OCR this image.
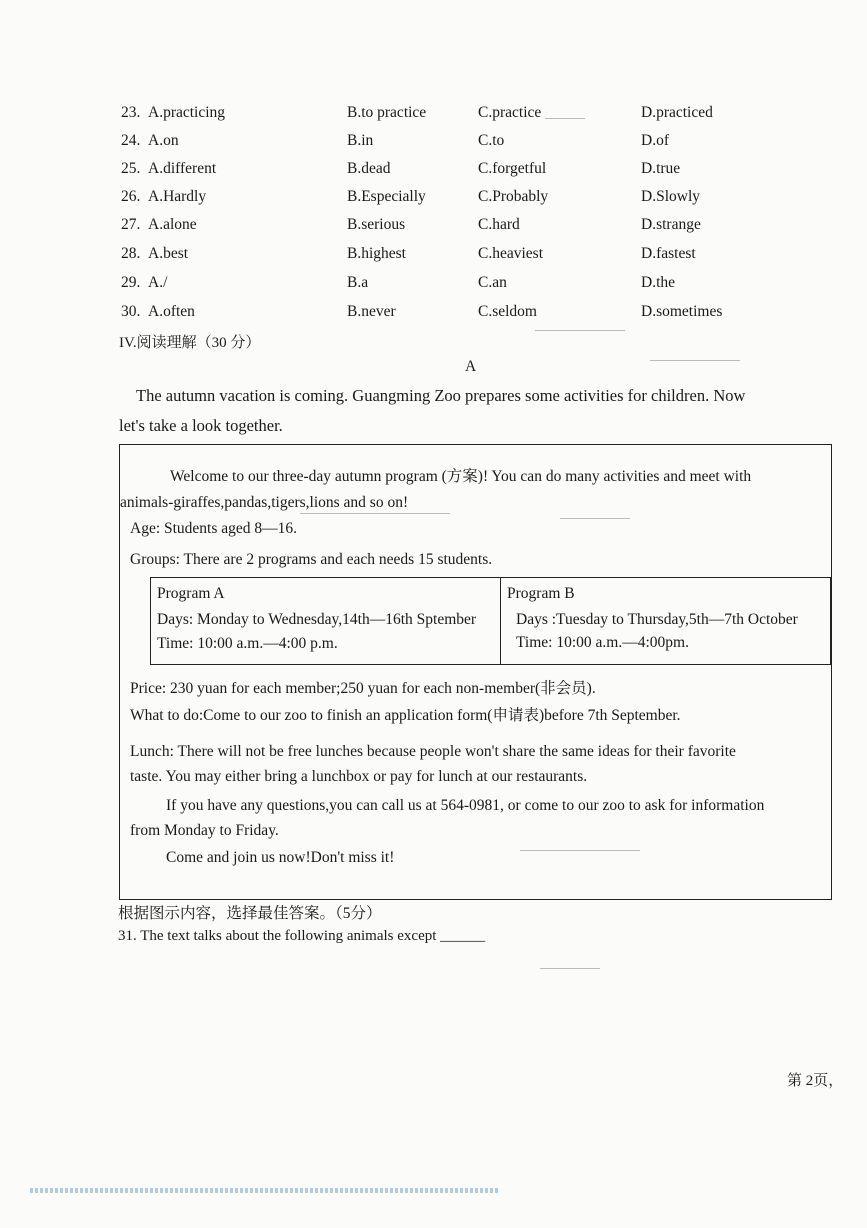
23. A.practicing	B.to practice	C.practice	D.practiced
24. A.on	B.in	C.to	D.of
25. A.different	B.dead	C.forgetful	D.true
26. A.Hardly	B.Especially	C.Probably	D.Slowly
27. A.alone	B.serious	C.hard	D.strange
28. A.best	B.highest	C.heaviest	D.fastest
29. A./	B.a	C.an	D.the
30. A.often	B.never	C.seldom	D.sometimes
IV.阅读理解（30 分）
A
The autumn vacation is coming. Guangming Zoo prepares some activities for children. Now
let's take a look together.
Welcome to our three-day autumn program (方案)! You can do many activities and meet with
animals-giraffes,pandas,tigers,lions and so on!
Age: Students aged 8—16.
Groups: There are 2 programs and each needs 15 students.
Program A
Days: Monday to Wednesday,14th—16th Sptember
Time: 10:00 a.m.—4:00 p.m.
Program B
Days :Tuesday to Thursday,5th—7th October
Time: 10:00 a.m.—4:00pm.
Price: 230 yuan for each member;250 yuan for each non-member(非会员).
What to do:Come to our zoo to finish an application form(申请表)before 7th September.
Lunch: There will not be free lunches because people won't share the same ideas for their favorite
taste. You may either bring a lunchbox or pay for lunch at our restaurants.
If you have any questions,you can call us at 564-0981, or come to our zoo to ask for information
from Monday to Friday.
Come and join us now!Don't miss it!
根据图示内容，选择最佳答案。（5分）
31. The text talks about the following animals except ______
第 2页，
